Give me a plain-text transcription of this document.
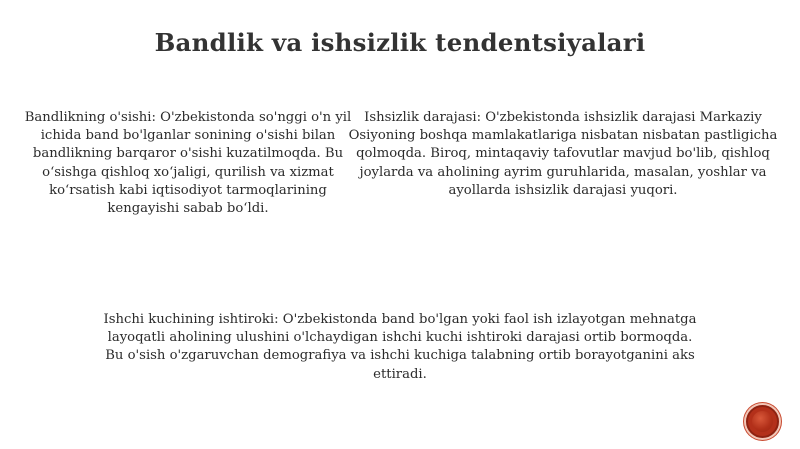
Bandlik va ishsizlik tendentsiyalari

Bandlikning o'sishi: O'zbekistonda so'nggi o'n yil ichida band bo'lganlar sonining o'sishi bilan bandlikning barqaror o'sishi kuzatilmoqda. Bu o‘sishga qishloq xo‘jaligi, qurilish va xizmat ko‘rsatish kabi iqtisodiyot tarmoqlarining kengayishi sabab bo‘ldi.

Ishsizlik darajasi: O'zbekistonda ishsizlik darajasi Markaziy Osiyoning boshqa mamlakatlariga nisbatan nisbatan pastligicha qolmoqda. Biroq, mintaqaviy tafovutlar mavjud bo'lib, qishloq joylarda va aholining ayrim guruhlarida, masalan, yoshlar va ayollarda ishsizlik darajasi yuqori.

Ishchi kuchining ishtiroki: O'zbekistonda band bo'lgan yoki faol ish izlayotgan mehnatga layoqatli aholining ulushini o'lchaydigan ishchi kuchi ishtiroki darajasi ortib bormoqda. Bu o'sish o'zgaruvchan demografiya va ishchi kuchiga talabning ortib borayotganini aks ettiradi.
